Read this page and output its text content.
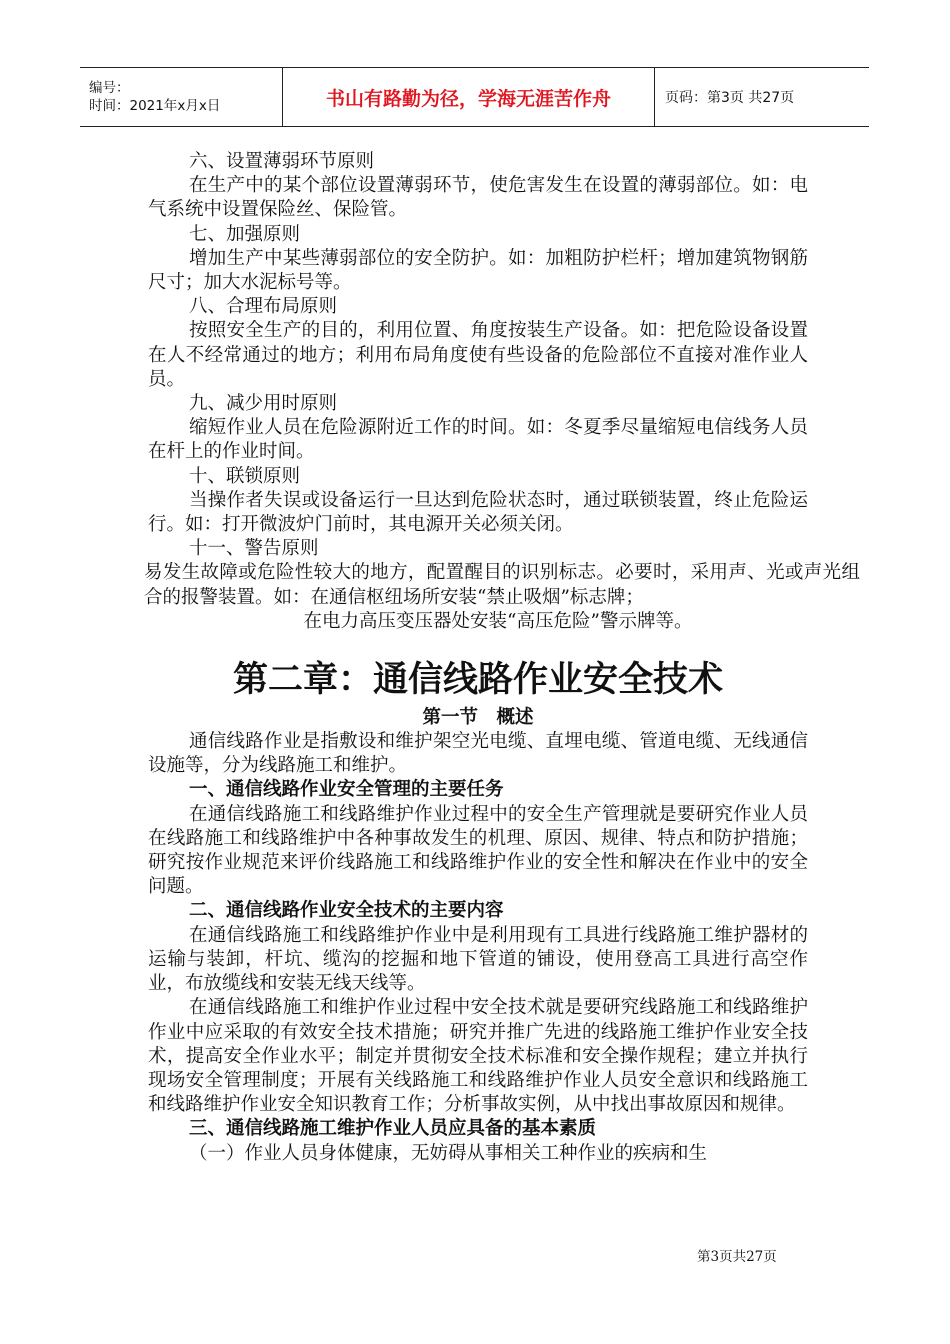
编号：
时间：2021年x月x日	书山有路勤为径，学海无涯苦作舟	页码：第3页 共27页

六、设置薄弱环节原则

在生产中的某个部位设置薄弱环节，使危害发生在设置的薄弱部位。如：电气系统中设置保险丝、保险管。

七、加强原则

增加生产中某些薄弱部位的安全防护。如：加粗防护栏杆；增加建筑物钢筋尺寸；加大水泥标号等。

八、合理布局原则

按照安全生产的目的，利用位置、角度按装生产设备。如：把危险设备设置在人不经常通过的地方；利用布局角度使有些设备的危险部位不直接对准作业人员。

九、减少用时原则

缩短作业人员在危险源附近工作的时间。如：冬夏季尽量缩短电信线务人员在杆上的作业时间。

十、联锁原则

当操作者失误或设备运行一旦达到危险状态时，通过联锁装置，终止危险运行。如：打开微波炉门前时，其电源开关必须关闭。

十一、警告原则

易发生故障或危险性较大的地方，配置醒目的识别标志。必要时，采用声、光或声光组合的报警装置。如：在通信枢纽场所安装“禁止吸烟”标志牌；

在电力高压变压器处安装“高压危险”警示牌等。

第二章：通信线路作业安全技术
第一节　概述

通信线路作业是指敷设和维护架空光电缆、直埋电缆、管道电缆、无线通信设施等，分为线路施工和维护。

一、通信线路作业安全管理的主要任务

在通信线路施工和线路维护作业过程中的安全生产管理就是要研究作业人员在线路施工和线路维护中各种事故发生的机理、原因、规律、特点和防护措施；研究按作业规范来评价线路施工和线路维护作业的安全性和解决在作业中的安全问题。

二、通信线路作业安全技术的主要内容

在通信线路施工和线路维护作业中是利用现有工具进行线路施工维护器材的运输与装卸，杆坑、缆沟的挖掘和地下管道的铺设，使用登高工具进行高空作业，布放缆线和安装无线天线等。

在通信线路施工和维护作业过程中安全技术就是要研究线路施工和线路维护作业中应采取的有效安全技术措施；研究并推广先进的线路施工维护作业安全技术，提高安全作业水平；制定并贯彻安全技术标准和安全操作规程；建立并执行现场安全管理制度；开展有关线路施工和线路维护作业人员安全意识和线路施工和线路维护作业安全知识教育工作；分析事故实例，从中找出事故原因和规律。

三、通信线路施工维护作业人员应具备的基本素质

（一）作业人员身体健康，无妨碍从事相关工种作业的疾病和生

第3页共27页
